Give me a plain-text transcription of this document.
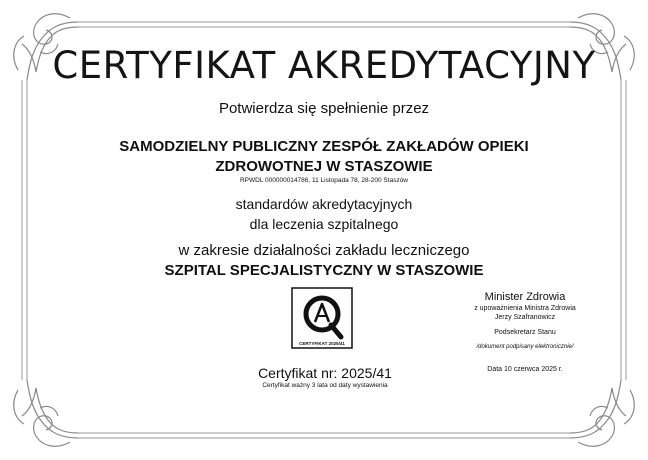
CERTYFIKAT AKREDYTACYJNY
Potwierdza się spełnienie przez
SAMODZIELNY PUBLICZNY ZESPÓŁ ZAKŁADÓW OPIEKI
ZDROWOTNEJ W STASZOWIE
RPWDL 000000014786, 11 Listopada 78, 28-200 Staszów
standardów akredytacyjnych
dla leczenia szpitalnego
w zakresie działalności zakładu leczniczego
SZPITAL SPECJALISTYCZNY W STASZOWIE
CERTYFIKAT 2025/41
Certyfikat nr: 2025/41
Certyfikat ważny 3 lata od daty wystawienia
Minister Zdrowia
z upoważnienia Ministra Zdrowia
Jerzy Szafranowicz
Podsekretarz Stanu
/dokument podpisany elektronicznie/
Data 10 czerwca 2025 r.
